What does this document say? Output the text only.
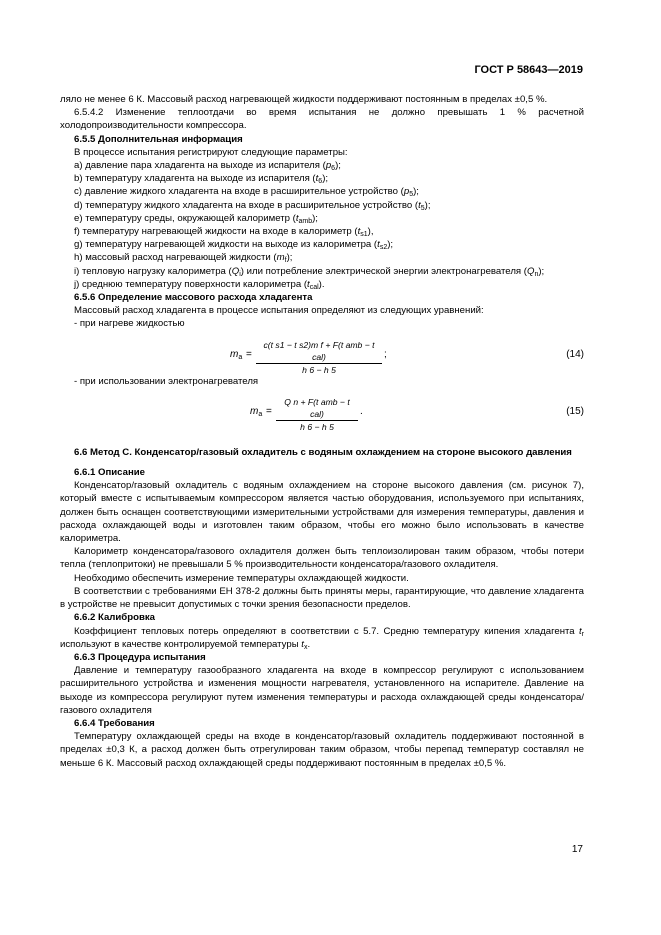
ГОСТ Р 58643—2019

ляло не менее 6 К. Массовый расход нагревающей жидкости поддерживают постоянным в пределах ±0,5 %.

6.5.4.2 Изменение теплоотдачи во время испытания не должно превышать 1 % расчетной холодопроизводительности компрессора.

6.5.5 Дополнительная информация

В процессе испытания регистрируют следующие параметры:

a) давление пара хладагента на выходе из испарителя $(p_6)$;

b) температуру хладагента на выходе из испарителя $(t_6)$;

c) давление жидкого хладагента на входе в расширительное устройство $(p_5)$;

d) температуру жидкого хладагента на входе в расширительное устройство $(t_5)$;

e) температуру среды, окружающей калориметр $(t_{amb})$;

f) температуру нагревающей жидкости на входе в калориметр $(t_{s1})$,

g) температуру нагревающей жидкости на выходе из калориметра $(t_{s2})$;

h) массовый расход нагревающей жидкости $(m_f)$;

i) тепловую нагрузку калориметра $(Q_i)$ или потребление электрической энергии электронагревателя $(Q_n)$;

j) среднюю температуру поверхности калориметра $(t_{cal})$.

6.5.6 Определение массового расхода хладагента

Массовый расход хладагента в процессе испытания определяют из следующих уравнений:

- при нагреве жидкостью

$m_a$ =
c(t s1 − t s2)m f + F(t amb − t cal)
h 6 − h 5
;	(14)

- при использовании электронагревателя

$m_a$ =
Q n + F(t amb − t cal)
h 6 − h 5
.	(15)

6.6 Метод С. Конденсатор/газовый охладитель с водяным охлаждением на стороне высокого давления

6.6.1 Описание

Конденсатор/газовый охладитель с водяным охлаждением на стороне высокого давления (см. рисунок 7), который вместе с испытываемым компрессором является частью оборудования, используемого при испытаниях, должен быть оснащен соответствующими измерительными устройствами для измерения температуры, давления и расхода охлаждающей воды и изготовлен таким образом, чтобы его можно было использовать в качестве калориметра.

Калориметр конденсатора/газового охладителя должен быть теплоизолирован таким образом, чтобы потери тепла (теплопритоки) не превышали 5 % производительности конденсатора/газового охладителя.

Необходимо обеспечить измерение температуры охлаждающей жидкости.

В соответствии с требованиями ЕН 378-2 должны быть приняты меры, гарантирующие, что давление хладагента в устройстве не превысит допустимых с точки зрения безопасности пределов.

6.6.2 Калибровка

Коэффициент тепловых потерь определяют в соответствии с 5.7. Средню температуру кипения хладагента $t_r$ используют в качестве контролируемой температуры $t_x$.

6.6.3 Процедура испытания

Давление и температуру газообразного хладагента на входе в компрессор регулируют с использованием расширительного устройства и изменения мощности нагревателя, установленного на испарителе. Давление на выходе из компрессора регулируют путем изменения температуры и расхода охлаждающей среды конденсатора/газового охладителя

6.6.4 Требования

Температуру охлаждающей среды на входе в конденсатор/газовый охладитель поддерживают постоянной в пределах ±0,3 К, а расход должен быть отрегулирован таким образом, чтобы перепад температур составлял не меньше 6 К. Массовый расход охлаждающей среды поддерживают постоянным в пределах ±0,5 %.

17
